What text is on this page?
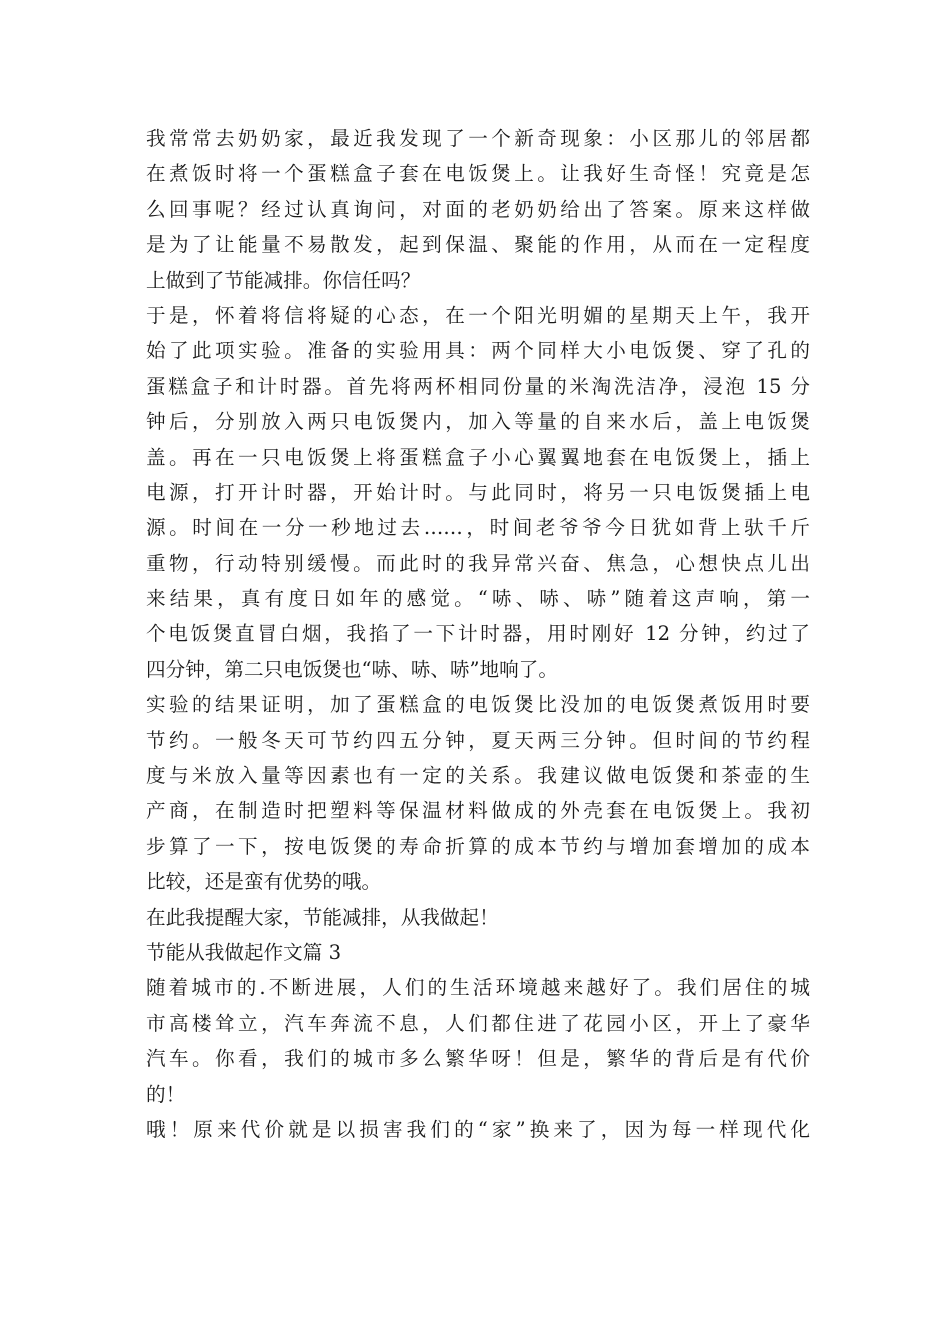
我常常去奶奶家，最近我发现了一个新奇现象：小区那儿的邻居都
在煮饭时将一个蛋糕盒子套在电饭煲上。让我好生奇怪！究竟是怎
么回事呢？经过认真询问，对面的老奶奶给出了答案。原来这样做
是为了让能量不易散发，起到保温、聚能的作用，从而在一定程度
上做到了节能减排。你信任吗？
于是，怀着将信将疑的心态，在一个阳光明媚的星期天上午，我开
始了此项实验。准备的实验用具：两个同样大小电饭煲、穿了孔的
蛋糕盒子和计时器。首先将两杯相同份量的米淘洗洁净，浸泡 15 分
钟后，分别放入两只电饭煲内，加入等量的自来水后，盖上电饭煲
盖。再在一只电饭煲上将蛋糕盒子小心翼翼地套在电饭煲上，插上
电源，打开计时器，开始计时。与此同时，将另一只电饭煲插上电
源。时间在一分一秒地过去……，时间老爷爷今日犹如背上驮千斤
重物，行动特别缓慢。而此时的我异常兴奋、焦急，心想快点儿出
来结果，真有度日如年的感觉。“哧、哧、哧”随着这声响，第一
个电饭煲直冒白烟，我掐了一下计时器，用时刚好 12 分钟，约过了
四分钟，第二只电饭煲也“哧、哧、哧”地响了。
实验的结果证明，加了蛋糕盒的电饭煲比没加的电饭煲煮饭用时要
节约。一般冬天可节约四五分钟，夏天两三分钟。但时间的节约程
度与米放入量等因素也有一定的关系。我建议做电饭煲和茶壶的生
产商，在制造时把塑料等保温材料做成的外壳套在电饭煲上。我初
步算了一下，按电饭煲的寿命折算的成本节约与增加套增加的成本
比较，还是蛮有优势的哦。
在此我提醒大家，节能减排，从我做起！
节能从我做起作文篇 3
随着城市的.不断进展，人们的生活环境越来越好了。我们居住的城
市高楼耸立，汽车奔流不息，人们都住进了花园小区，开上了豪华
汽车。你看，我们的城市多么繁华呀！但是，繁华的背后是有代价
的！
哦！原来代价就是以损害我们的“家”换来了，因为每一样现代化
